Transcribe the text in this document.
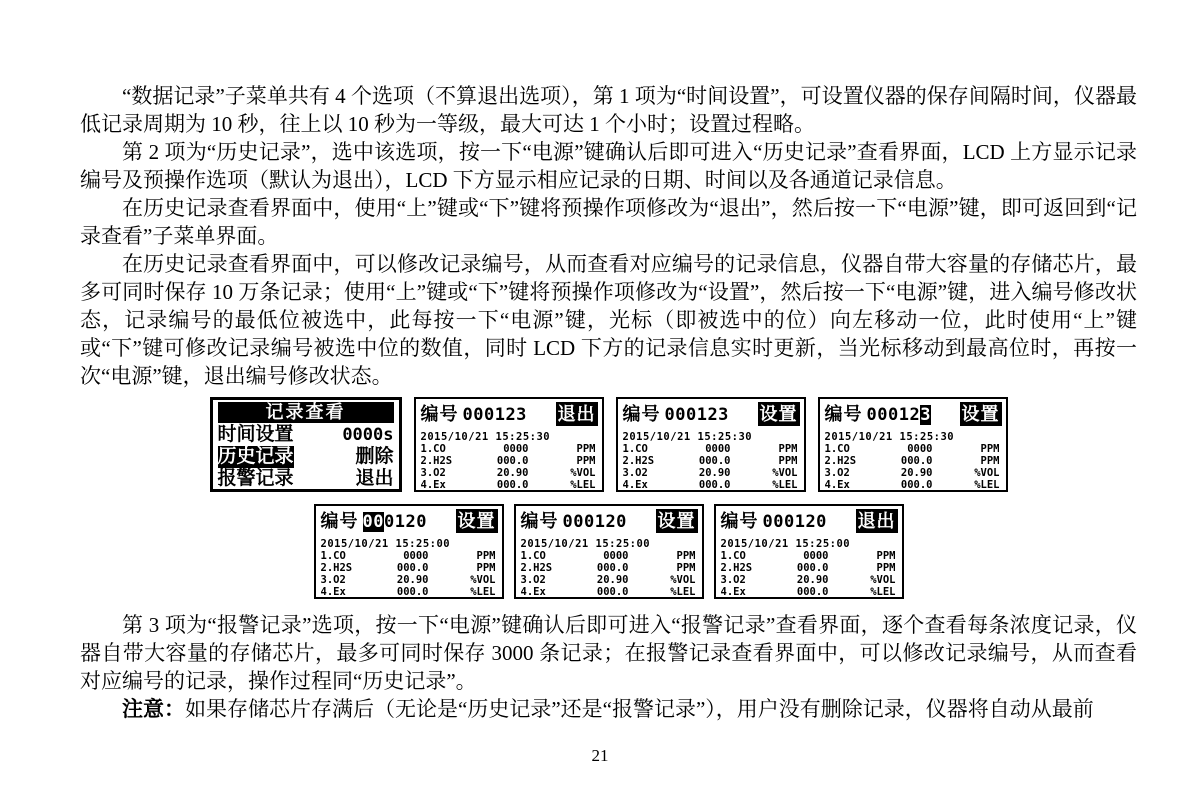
“数据记录”子菜单共有 4 个选项（不算退出选项），第 1 项为“时间设置”，可设置仪器的保存间隔时间，仪器最低记录周期为 10 秒，往上以 10 秒为一等级，最大可达 1 个小时；设置过程略。

第 2 项为“历史记录”，选中该选项，按一下“电源”键确认后即可进入“历史记录”查看界面，LCD 上方显示记录编号及预操作选项（默认为退出），LCD 下方显示相应记录的日期、时间以及各通道记录信息。

在历史记录查看界面中，使用“上”键或“下”键将预操作项修改为“退出”，然后按一下“电源”键，即可返回到“记录查看”子菜单界面。

在历史记录查看界面中，可以修改记录编号，从而查看对应编号的记录信息，仪器自带大容量的存储芯片，最多可同时保存 10 万条记录；使用“上”键或“下”键将预操作项修改为“设置”，然后按一下“电源”键，进入编号修改状态，记录编号的最低位被选中，此每按一下“电源”键，光标（即被选中的位）向左移动一位，此时使用“上”键或“下”键可修改记录编号被选中位的数值，同时 LCD 下方的记录信息实时更新，当光标移动到最高位时，再按一次“电源”键，退出编号修改状态。

记录查看
时间设置	0000s
历史记录	删除
报警记录	退出
编号 000123 退出
2015/10/21 15:25:30
1.CO	0000	PPM
2.H2S	000.0	PPM
3.O2	20.90	%VOL
4.Ex	000.0	%LEL
编号 000123 设置
2015/10/21 15:25:30
1.CO	0000	PPM
2.H2S	000.0	PPM
3.O2	20.90	%VOL
4.Ex	000.0	%LEL
编号 000123 设置
2015/10/21 15:25:30
1.CO	0000	PPM
2.H2S	000.0	PPM
3.O2	20.90	%VOL
4.Ex	000.0	%LEL
编号 000120 设置
2015/10/21 15:25:00
1.CO	0000	PPM
2.H2S	000.0	PPM
3.O2	20.90	%VOL
4.Ex	000.0	%LEL
编号 000120 设置
2015/10/21 15:25:00
1.CO	0000	PPM
2.H2S	000.0	PPM
3.O2	20.90	%VOL
4.Ex	000.0	%LEL
编号 000120 退出
2015/10/21 15:25:00
1.CO	0000	PPM
2.H2S	000.0	PPM
3.O2	20.90	%VOL
4.Ex	000.0	%LEL

第 3 项为“报警记录”选项，按一下“电源”键确认后即可进入“报警记录”查看界面，逐个查看每条浓度记录，仪器自带大容量的存储芯片，最多可同时保存 3000 条记录；在报警记录查看界面中，可以修改记录编号，从而查看对应编号的记录，操作过程同“历史记录”。

注意：如果存储芯片存满后（无论是“历史记录”还是“报警记录”），用户没有删除记录，仪器将自动从最前

21
